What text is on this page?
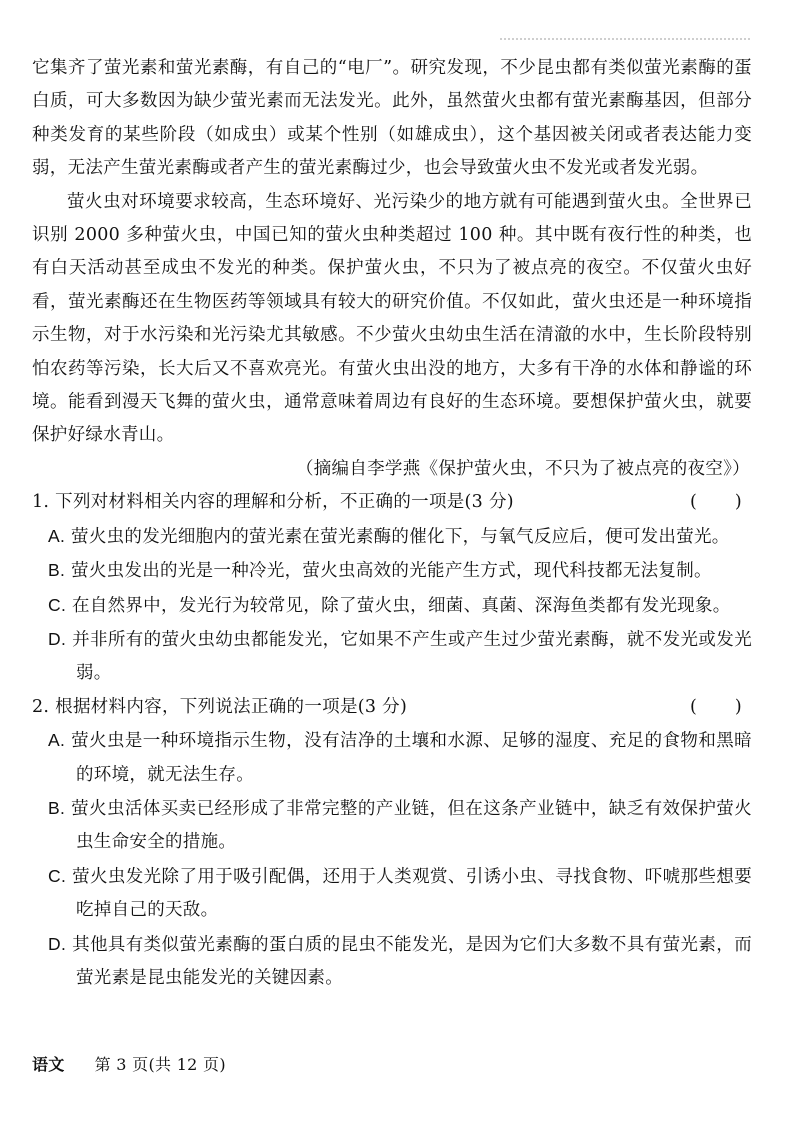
它集齐了萤光素和萤光素酶，有自己的“电厂”。研究发现，不少昆虫都有类似萤光素酶的蛋白质，可大多数因为缺少萤光素而无法发光。此外，虽然萤火虫都有萤光素酶基因，但部分种类发育的某些阶段（如成虫）或某个性别（如雄成虫），这个基因被关闭或者表达能力变弱，无法产生萤光素酶或者产生的萤光素酶过少，也会导致萤火虫不发光或者发光弱。

萤火虫对环境要求较高，生态环境好、光污染少的地方就有可能遇到萤火虫。全世界已识别 2000 多种萤火虫，中国已知的萤火虫种类超过 100 种。其中既有夜行性的种类，也有白天活动甚至成虫不发光的种类。保护萤火虫，不只为了被点亮的夜空。不仅萤火虫好看，萤光素酶还在生物医药等领域具有较大的研究价值。不仅如此，萤火虫还是一种环境指示生物，对于水污染和光污染尤其敏感。不少萤火虫幼虫生活在清澈的水中，生长阶段特别怕农药等污染，长大后又不喜欢亮光。有萤火虫出没的地方，大多有干净的水体和静谧的环境。能看到漫天飞舞的萤火虫，通常意味着周边有良好的生态环境。要想保护萤火虫，就要保护好绿水青山。

（摘编自李学燕《保护萤火虫，不只为了被点亮的夜空》）

1. 下列对材料相关内容的理解和分析，不正确的一项是(3 分)	( )

A. 萤火虫的发光细胞内的萤光素在萤光素酶的催化下，与氧气反应后，便可发出萤光。

B. 萤火虫发出的光是一种冷光，萤火虫高效的光能产生方式，现代科技都无法复制。

C. 在自然界中，发光行为较常见，除了萤火虫，细菌、真菌、深海鱼类都有发光现象。

D. 并非所有的萤火虫幼虫都能发光，它如果不产生或产生过少萤光素酶，就不发光或发光弱。

2. 根据材料内容，下列说法正确的一项是(3 分)	( )

A. 萤火虫是一种环境指示生物，没有洁净的土壤和水源、足够的湿度、充足的食物和黑暗的环境，就无法生存。

B. 萤火虫活体买卖已经形成了非常完整的产业链，但在这条产业链中，缺乏有效保护萤火虫生命安全的措施。

C. 萤火虫发光除了用于吸引配偶，还用于人类观赏、引诱小虫、寻找食物、吓唬那些想要吃掉自己的天敌。

D. 其他具有类似萤光素酶的蛋白质的昆虫不能发光，是因为它们大多数不具有萤光素，而萤光素是昆虫能发光的关键因素。

语文 第 3 页(共 12 页)
